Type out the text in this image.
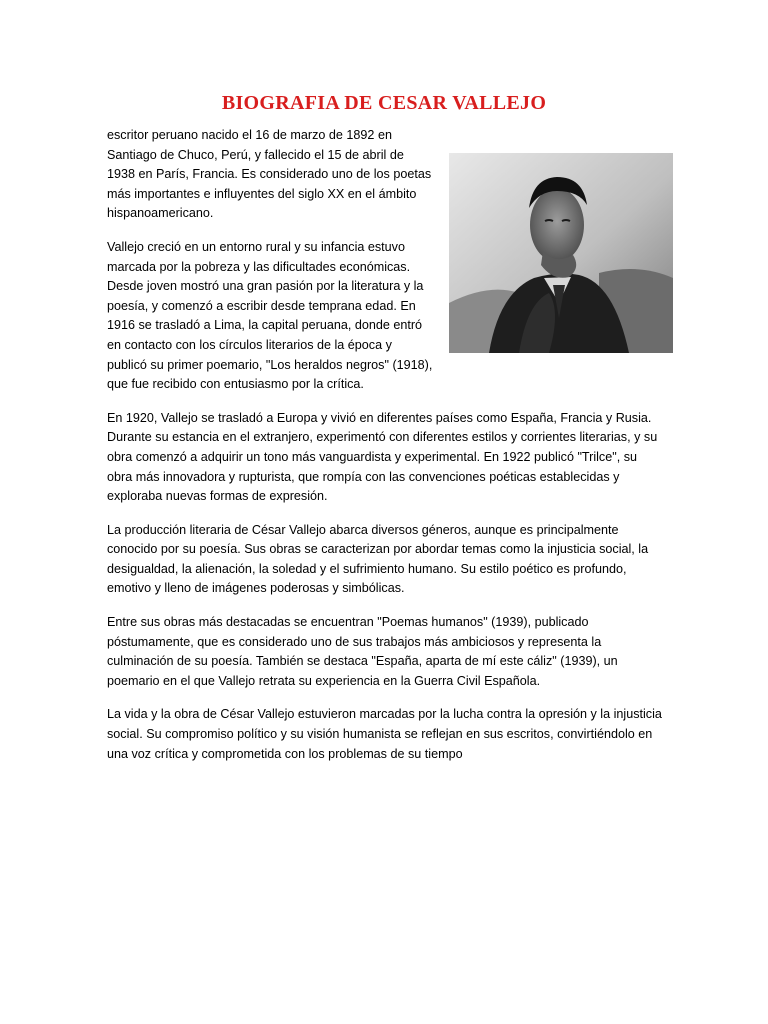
BIOGRAFIA DE CESAR VALLEJO

escritor peruano nacido el 16 de marzo de 1892 en Santiago de Chuco, Perú, y fallecido el 15 de abril de 1938 en París, Francia. Es considerado uno de los poetas más importantes e influyentes del siglo XX en el ámbito hispanoamericano.

Vallejo creció en un entorno rural y su infancia estuvo marcada por la pobreza y las dificultades económicas. Desde joven mostró una gran pasión por la literatura y la poesía, y comenzó a escribir desde temprana edad. En 1916 se trasladó a Lima, la capital peruana, donde entró en contacto con los círculos literarios de la época y publicó su primer poemario, "Los heraldos negros" (1918), que fue recibido con entusiasmo por la crítica.

En 1920, Vallejo se trasladó a Europa y vivió en diferentes países como España, Francia y Rusia. Durante su estancia en el extranjero, experimentó con diferentes estilos y corrientes literarias, y su obra comenzó a adquirir un tono más vanguardista y experimental. En 1922 publicó "Trilce", su obra más innovadora y rupturista, que rompía con las convenciones poéticas establecidas y exploraba nuevas formas de expresión.

La producción literaria de César Vallejo abarca diversos géneros, aunque es principalmente conocido por su poesía. Sus obras se caracterizan por abordar temas como la injusticia social, la desigualdad, la alienación, la soledad y el sufrimiento humano. Su estilo poético es profundo, emotivo y lleno de imágenes poderosas y simbólicas.

Entre sus obras más destacadas se encuentran "Poemas humanos" (1939), publicado póstumamente, que es considerado uno de sus trabajos más ambiciosos y representa la culminación de su poesía. También se destaca "España, aparta de mí este cáliz" (1939), un poemario en el que Vallejo retrata su experiencia en la Guerra Civil Española.

La vida y la obra de César Vallejo estuvieron marcadas por la lucha contra la opresión y la injusticia social. Su compromiso político y su visión humanista se reflejan en sus escritos, convirtiéndolo en una voz crítica y comprometida con los problemas de su tiempo
